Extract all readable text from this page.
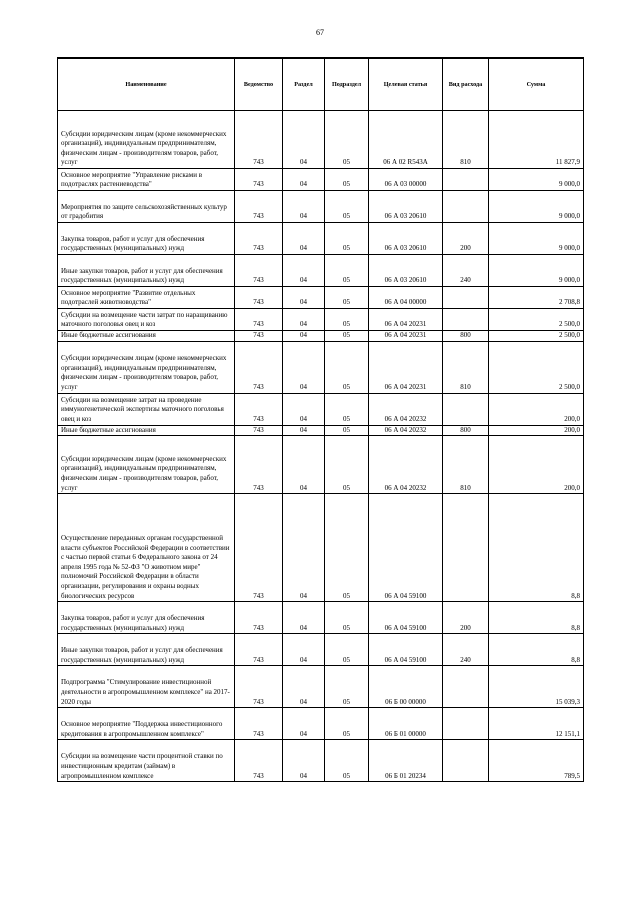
67
Наименование	Ведомство	Раздел	Подраздел	Целевая статья	Вид расхода	Сумма
Субсидии юридическим лицам (кроме некоммерческих организаций), индивидуальным предпринимателям, физическим лицам - производителям товаров, работ, услуг	743	04	05	06 А 02 R543А	810	11 827,9
Основное мероприятие "Управление рисками в подотраслях растениеводства"	743	04	05	06 А 03 00000		9 000,0
Мероприятия по защите сельскохозяйственных культур от градобития	743	04	05	06 А 03 20610		9 000,0
Закупка товаров, работ и услуг для обеспечения государственных (муниципальных) нужд	743	04	05	06 А 03 20610	200	9 000,0
Иные закупки товаров, работ и услуг для обеспечения государственных (муниципальных) нужд	743	04	05	06 А 03 20610	240	9 000,0
Основное мероприятие "Развитие отдельных подотраслей животноводства"	743	04	05	06 А 04 00000		2 708,8
Субсидии на возмещение части затрат по наращиванию маточного поголовья овец и коз	743	04	05	06 А 04 20231		2 500,0
Иные бюджетные ассигнования	743	04	05	06 А 04 20231	800	2 500,0
Субсидии юридическим лицам (кроме некоммерческих организаций), индивидуальным предпринимателям, физическим лицам - производителям товаров, работ, услуг	743	04	05	06 А 04 20231	810	2 500,0
Субсидии на возмещение затрат на проведение иммуногенетической экспертизы маточного поголовья овец и коз	743	04	05	06 А 04 20232		200,0
Иные бюджетные ассигнования	743	04	05	06 А 04 20232	800	200,0
Субсидии юридическим лицам (кроме некоммерческих организаций), индивидуальным предпринимателям, физическим лицам - производителям товаров, работ, услуг	743	04	05	06 А 04 20232	810	200,0
Осуществление переданных органам государственной власти субъектов Российской Федерации в соответствии с частью первой статьи 6 Федерального закона от 24 апреля 1995 года № 52-ФЗ "О животном мире" полномочий Российской Федерации в области организации, регулирования и охраны водных биологических ресурсов	743	04	05	06 А 04 59100		8,8
Закупка товаров, работ и услуг для обеспечения государственных (муниципальных) нужд	743	04	05	06 А 04 59100	200	8,8
Иные закупки товаров, работ и услуг для обеспечения государственных (муниципальных) нужд	743	04	05	06 А 04 59100	240	8,8
Подпрограмма "Стимулирование инвестиционной деятельности в агропромышленном комплексе" на 2017-2020 годы	743	04	05	06 Б 00 00000		15 039,3
Основное мероприятие "Поддержка инвестиционного кредитования в агропромышленном комплексе"	743	04	05	06 Б 01 00000		12 151,1
Субсидии на возмещение части процентной ставки по инвестиционным кредитам (займам) в агропромышленном комплексе	743	04	05	06 Б 01 20234		789,5
